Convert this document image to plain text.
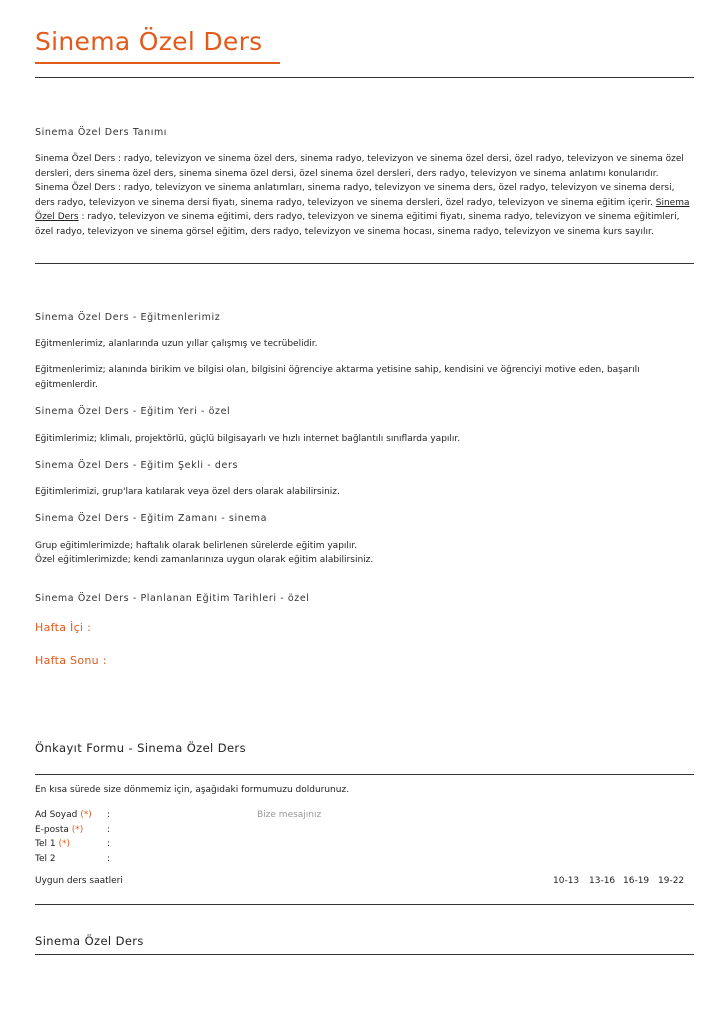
Sinema Özel Ders
Sinema Özel Ders Tanımı
Sinema Özel Ders : radyo, televizyon ve sinema özel ders, sinema radyo, televizyon ve sinema özel dersi, özel radyo, televizyon ve sinema özel dersleri, ders sinema özel ders, sinema sinema özel dersi, özel sinema özel dersleri, ders radyo, televizyon ve sinema anlatımı konularıdır. Sinema Özel Ders : radyo, televizyon ve sinema anlatımları, sinema radyo, televizyon ve sinema ders, özel radyo, televizyon ve sinema dersi, ders radyo, televizyon ve sinema dersi fiyatı, sinema radyo, televizyon ve sinema dersleri, özel radyo, televizyon ve sinema eğitim içerir. Sinema Özel Ders : radyo, televizyon ve sinema eğitimi, ders radyo, televizyon ve sinema eğitimi fiyatı, sinema radyo, televizyon ve sinema eğitimleri, özel radyo, televizyon ve sinema görsel eğitim, ders radyo, televizyon ve sinema hocası, sinema radyo, televizyon ve sinema kurs sayılır.
Sinema Özel Ders - Eğitmenlerimiz
Eğitmenlerimiz, alanlarında uzun yıllar çalışmış ve tecrübelidir.
Eğitmenlerimiz; alanında birikim ve bilgisi olan, bilgisini öğrenciye aktarma yetisine sahip, kendisini ve öğrenciyi motive eden, başarılı eğitmenlerdir.
Sinema Özel Ders - Eğitim Yeri - özel
Eğitimlerimiz; klimalı, projektörlü, güçlü bilgisayarlı ve hızlı internet bağlantılı sınıflarda yapılır.
Sinema Özel Ders - Eğitim Şekli - ders
Eğitimlerimizi, grup'lara katılarak veya özel ders olarak alabilirsiniz.
Sinema Özel Ders - Eğitim Zamanı - sinema
Grup eğitimlerimizde; haftalık olarak belirlenen sürelerde eğitim yapılır.
Özel eğitimlerimizde; kendi zamanlarınıza uygun olarak eğitim alabilirsiniz.
Sinema Özel Ders - Planlanan Eğitim Tarihleri - özel
Hafta İçi :
Hafta Sonu :
Önkayıt Formu - Sinema Özel Ders
En kısa sürede size dönmemiz için, aşağıdaki formumuzu doldurunuz.
Ad Soyad (*) :
E-posta (*)	:
Tel 1 (*)	:
Tel 2	:
Bize mesajınız
Uygun ders saatleri	10-13 13-16 16-19 19-22
Sinema Özel Ders
